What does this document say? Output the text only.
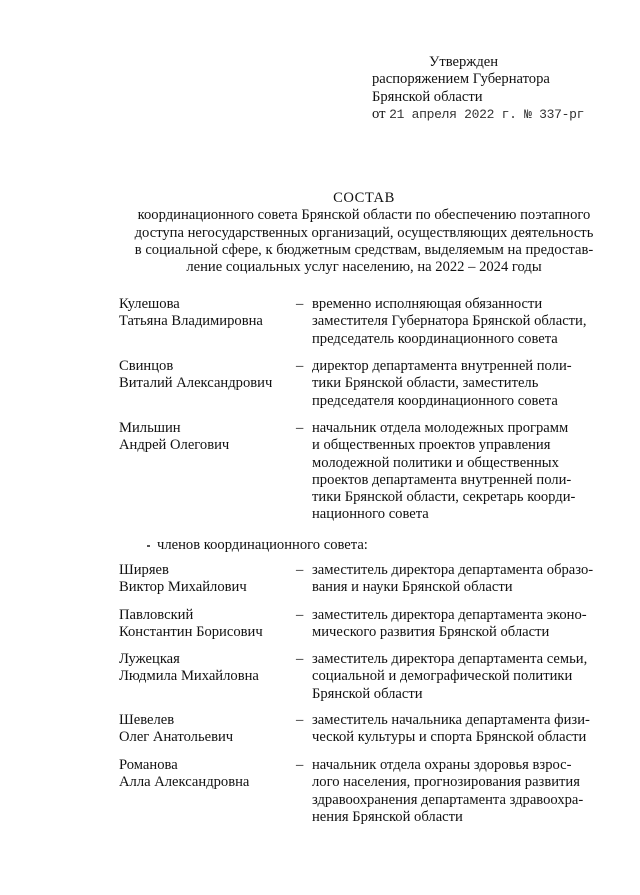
Утвержден
распоряжением Губернатора
Брянской области
от 21 апреля 2022 г. № 337-рг
СОСТАВ
координационного совета Брянской области по обеспечению поэтапного
доступа негосударственных организаций, осуществляющих деятельность
в социальной сфере, к бюджетным средствам, выделяемым на предостав-
ление социальных услуг населению, на 2022 – 2024 годы
Кулешова
Татьяна Владимировна
– временно исполняющая обязанности
заместителя Губернатора Брянской области,
председатель координационного совета
Свинцов
Виталий Александрович
– директор департамента внутренней поли-
тики Брянской области, заместитель
председателя координационного совета
Мильшин
Андрей Олегович
– начальник отдела молодежных программ
и общественных проектов управления
молодежной политики и общественных
проектов департамента внутренней поли-
тики Брянской области, секретарь коорди-
национного совета
членов координационного совета:
Ширяев
Виктор Михайлович
– заместитель директора департамента образо-
вания и науки Брянской области
Павловский
Константин Борисович
– заместитель директора департамента эконо-
мического развития Брянской области
Лужецкая
Людмила Михайловна
– заместитель директора департамента семьи,
социальной и демографической политики
Брянской области
Шевелев
Олег Анатольевич
– заместитель начальника департамента физи-
ческой культуры и спорта Брянской области
Романова
Алла Александровна
– начальник отдела охраны здоровья взрос-
лого населения, прогнозирования развития
здравоохранения департамента здравоохра-
нения Брянской области
